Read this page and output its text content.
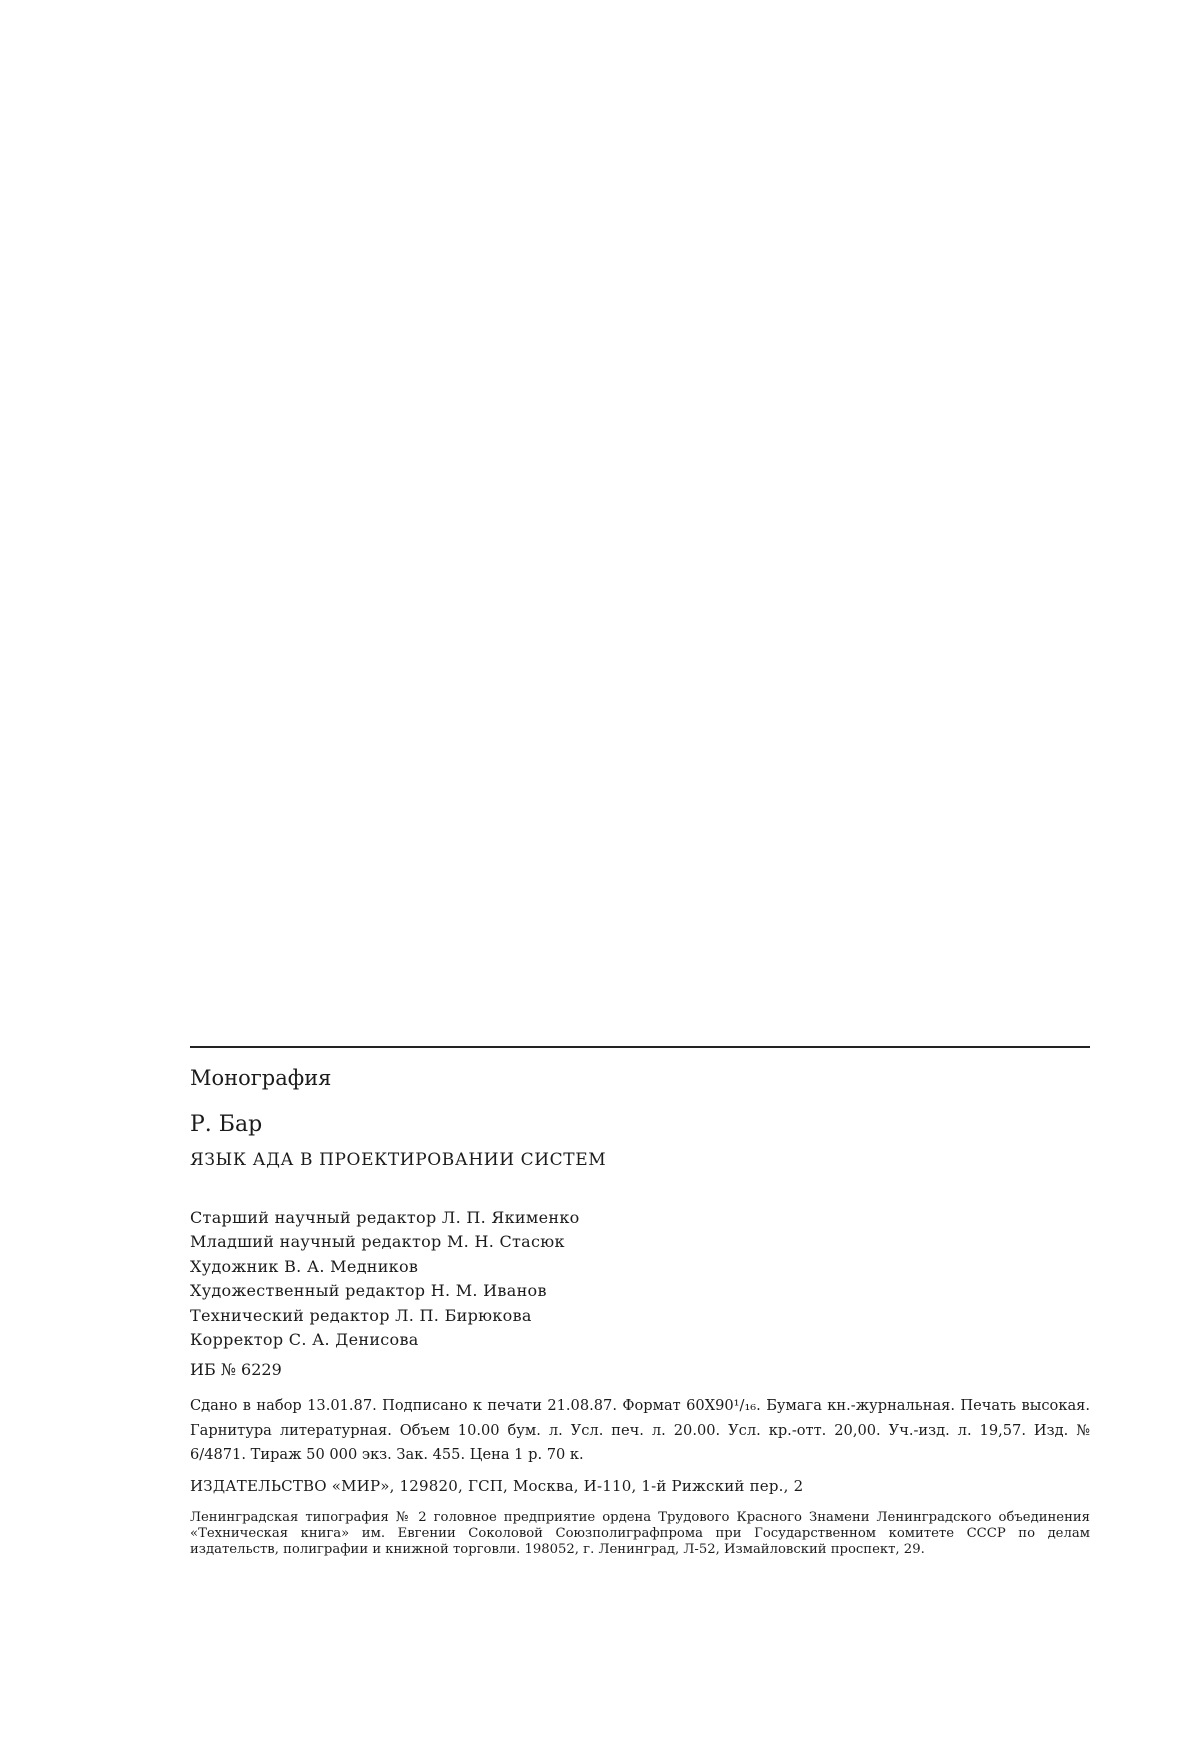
Монография
Р. Бар
ЯЗЫК АДА В ПРОЕКТИРОВАНИИ СИСТЕМ
Старший научный редактор Л. П. Якименко
Младший научный редактор М. Н. Стасюк
Художник В. А. Медников
Художественный редактор Н. М. Иванов
Технический редактор Л. П. Бирюкова
Корректор С. А. Денисова
ИБ № 6229
Сдано в набор 13.01.87. Подписано к печати 21.08.87. Формат 60X90¹/₁₆. Бумага кн.-журнальная. Печать высокая. Гарнитура литературная. Объем 10.00 бум. л. Усл. печ. л. 20.00. Усл. кр.-отт. 20,00. Уч.-изд. л. 19,57. Изд. № 6/4871. Тираж 50 000 экз. Зак. 455. Цена 1 р. 70 к.
ИЗДАТЕЛЬСТВО «МИР», 129820, ГСП, Москва, И-110, 1-й Рижский пер., 2
Ленинградская типография № 2 головное предприятие ордена Трудового Красного Знамени Ленинградского объединения «Техническая книга» им. Евгении Соколовой Союзполиграфпрома при Государственном комитете СССР по делам издательств, полиграфии и книжной торговли. 198052, г. Ленинград, Л-52, Измайловский проспект, 29.
